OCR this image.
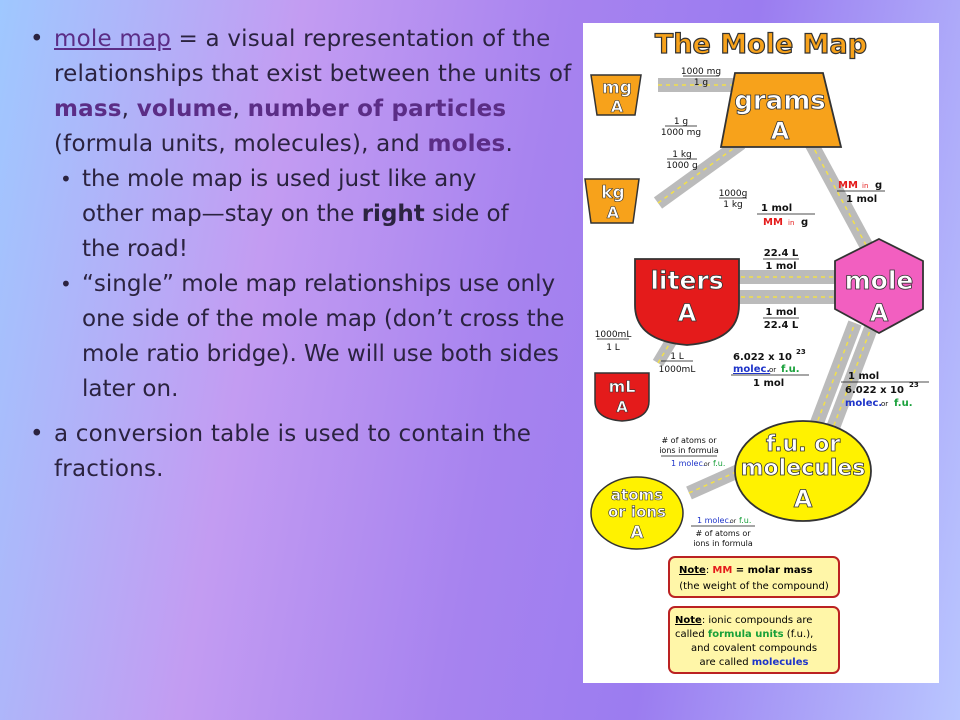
• mole map = a visual representation of the relationships that exist between the units of mass, volume, number of particles (formula units, molecules), and moles.
• the mole map is used just like any other map—stay on the right side of the road!
• “single” mole map relationships use only one side of the mole map (don’t cross the mole ratio bridge). We will use both sides later on.
• a conversion table is used to contain the fractions.
The Mole Map
mg
A
kg
A
grams
A
liters
A
mL
A
mole
A
f.u. or
molecules
A
atoms
or ions
A
1000 mg
1 g
1 g
1000 mg
1 kg
1000 g
1000g
1 kg
MM in g
1 mol
1 mol
MM in g
22.4 L
1 mol
1 mol
22.4 L
1000mL
1 L
1 L
1000mL
6.022 x 10 23
molec.
or f.u.
1 mol
1 mol
6.022 x 10 23
molec.
or f.u.
# of atoms or
ions in formula
1 molec.
or f.u.
1 molec.
or f.u.
# of atoms or
ions in formula
Note: MM = molar mass
(the weight of the compound)
Note: ionic compounds are
called formula units (f.u.),
and covalent compounds
are called molecules
